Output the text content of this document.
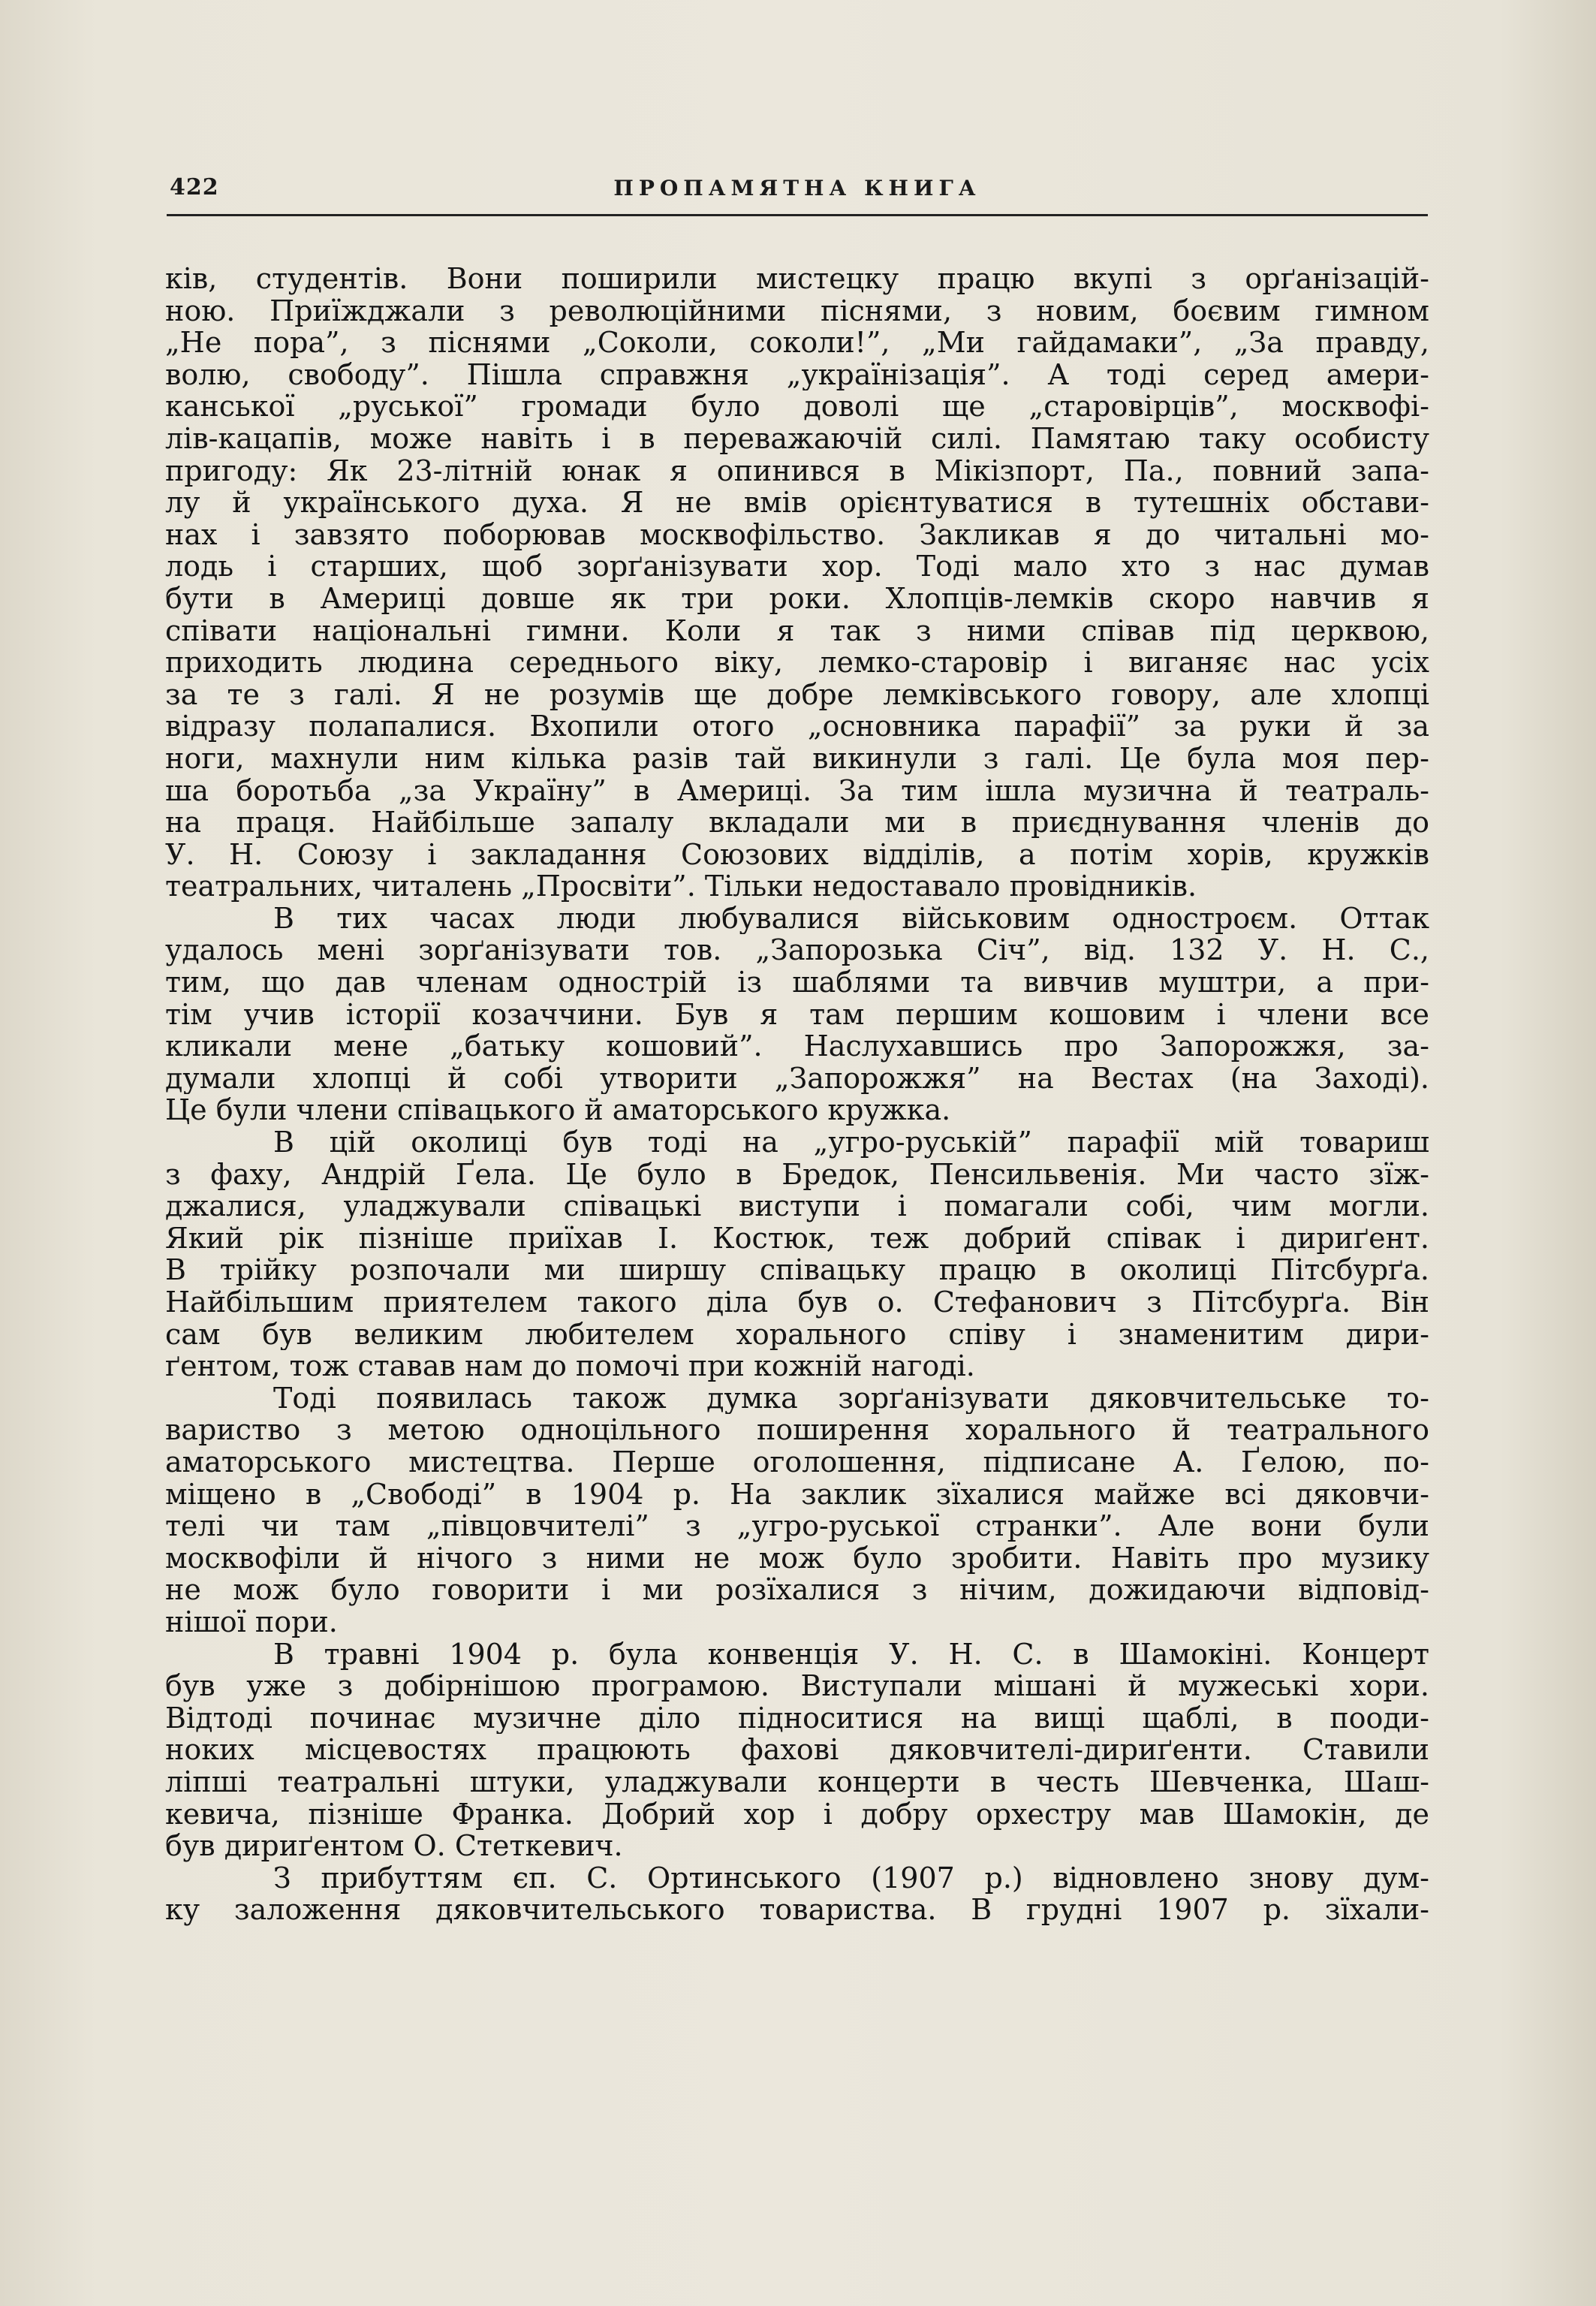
422	ПРОПАМЯТНА КНИГА
ків, студентів. Вони поширили мистецку працю вкупі з орґанізацій-
ною. Приїжджали з революційними піснями, з новим, боєвим гимном
„Не пора”, з піснями „Соколи, соколи!”, „Ми гайдамаки”, „За правду,
волю, свободу”. Пішла справжня „українізація”. А тоді серед амери-
канської „руської” громади було доволі ще „старовірців”, москвофі-
лів-кацапів, може навіть і в переважаючій силі. Памятаю таку особисту
пригоду: Як 23-літній юнак я опинився в Мікізпорт, Па., повний запа-
лу й українського духа. Я не вмів орієнтуватися в тутешніх обстави-
нах і завзято поборював москвофільство. Закликав я до читальні мо-
лодь і старших, щоб зорґанізувати хор. Тоді мало хто з нас думав
бути в Америці довше як три роки. Хлопців-лемків скоро навчив я
співати національні гимни. Коли я так з ними співав під церквою,
приходить людина середнього віку, лемко-старовір і виганяє нас усіх
за те з галі. Я не розумів ще добре лемківського говору, але хлопці
відразу полапалися. Вхопили отого „основника парафії” за руки й за
ноги, махнули ним кілька разів тай викинули з галі. Це була моя пер-
ша боротьба „за Україну” в Америці. За тим ішла музична й театраль-
на праця. Найбільше запалу вкладали ми в приєднування членів до
У. Н. Союзу і закладання Союзових відділів, а потім хорів, кружків
театральних, читалень „Просвіти”. Тільки недоставало провідників.
В тих часах люди любувалися військовим одностроєм. Оттак
удалось мені зорґанізувати тов. „Запорозька Січ”, від. 132 У. Н. С.,
тим, що дав членам однострій із шаблями та вивчив муштри, а при-
тім учив історії козаччини. Був я там першим кошовим і члени все
кликали мене „батьку кошовий”. Наслухавшись про Запорожжя, за-
думали хлопці й собі утворити „Запорожжя” на Вестах (на Заході).
Це були члени співацького й аматорського кружка.
В цій околиці був тоді на „угро-руській” парафії мій товариш
з фаху, Андрій Ґела. Це було в Бредок, Пенсильвенія. Ми часто зїж-
джалися, уладжували співацькі виступи і помагали собі, чим могли.
Який рік пізніше приїхав І. Костюк, теж добрий співак і дириґент.
В трійку розпочали ми ширшу співацьку працю в околиці Пітсбурґа.
Найбільшим приятелем такого діла був о. Стефанович з Пітсбурґа. Він
сам був великим любителем хорального співу і знаменитим дири-
ґентом, тож ставав нам до помочі при кожній нагоді.
Тоді появилась також думка зорґанізувати дяковчительське то-
вариство з метою одноцільного поширення хорального й театрального
аматорського мистецтва. Перше оголошення, підписане А. Ґелою, по-
міщено в „Свободі” в 1904 р. На заклик зїхалися майже всі дяковчи-
телі чи там „півцовчителі” з „угро-руської странки”. Але вони були
москвофіли й нічого з ними не мож було зробити. Навіть про музику
не мож було говорити і ми розїхалися з нічим, дожидаючи відповід-
нішої пори.
В травні 1904 р. була конвенція У. Н. С. в Шамокіні. Концерт
був уже з добірнішою програмою. Виступали мішані й мужеські хори.
Відтоді починає музичне діло підноситися на вищі щаблі, в пооди-
ноких місцевостях працюють фахові дяковчителі-дириґенти. Ставили
ліпші театральні штуки, уладжували концерти в честь Шевченка, Шаш-
кевича, пізніше Франка. Добрий хор і добру орхестру мав Шамокін, де
був дириґентом О. Стеткевич.
З прибуттям єп. С. Ортинського (1907 р.) відновлено знову дум-
ку заложення дяковчительського товариства. В грудні 1907 р. зїхали-
